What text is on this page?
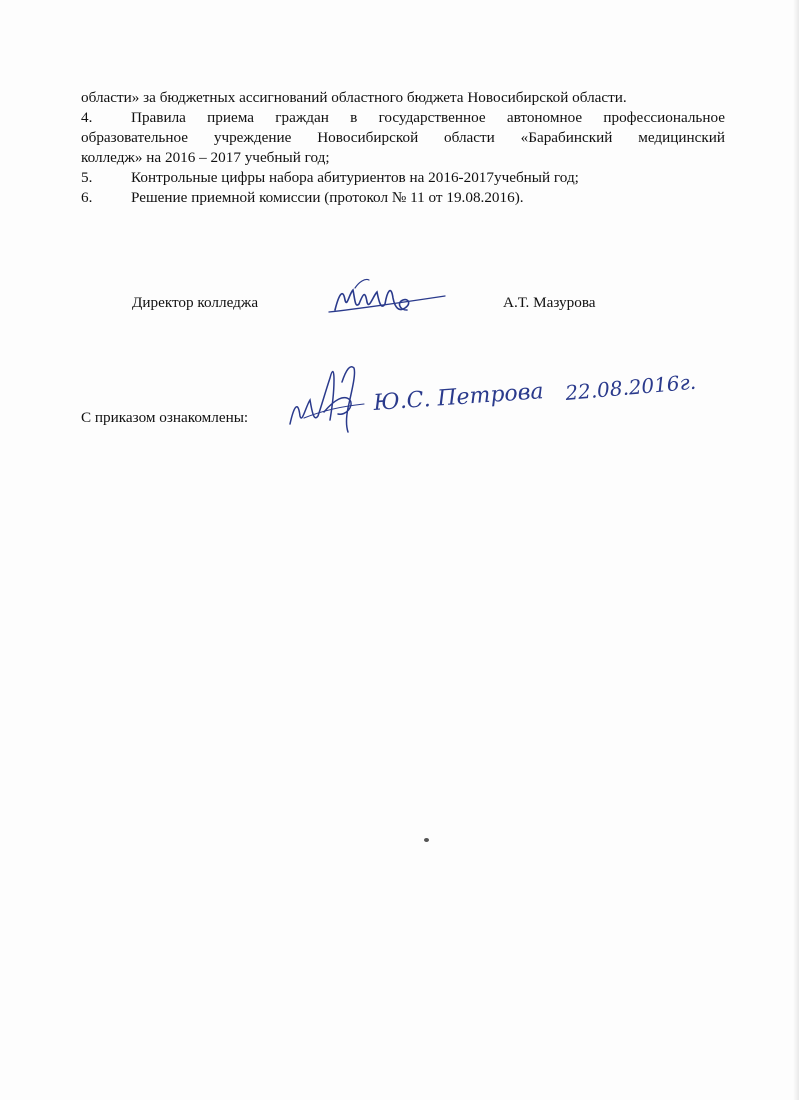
области» за бюджетных ассигнований областного бюджета Новосибирской области.
4.	Правила приема граждан в государственное автономное профессиональное
образовательное учреждение Новосибирской области «Барабинский медицинский
колледж» на 2016 – 2017 учебный год;
5.	Контрольные цифры набора абитуриентов на 2016-2017учебный год;
6.	Решение приемной комиссии (протокол № 11 от 19.08.2016).
Директор колледжа	А.Т. Мазурова
С приказом ознакомлены:
Ю.С. Петрова 22.08.2016г.
